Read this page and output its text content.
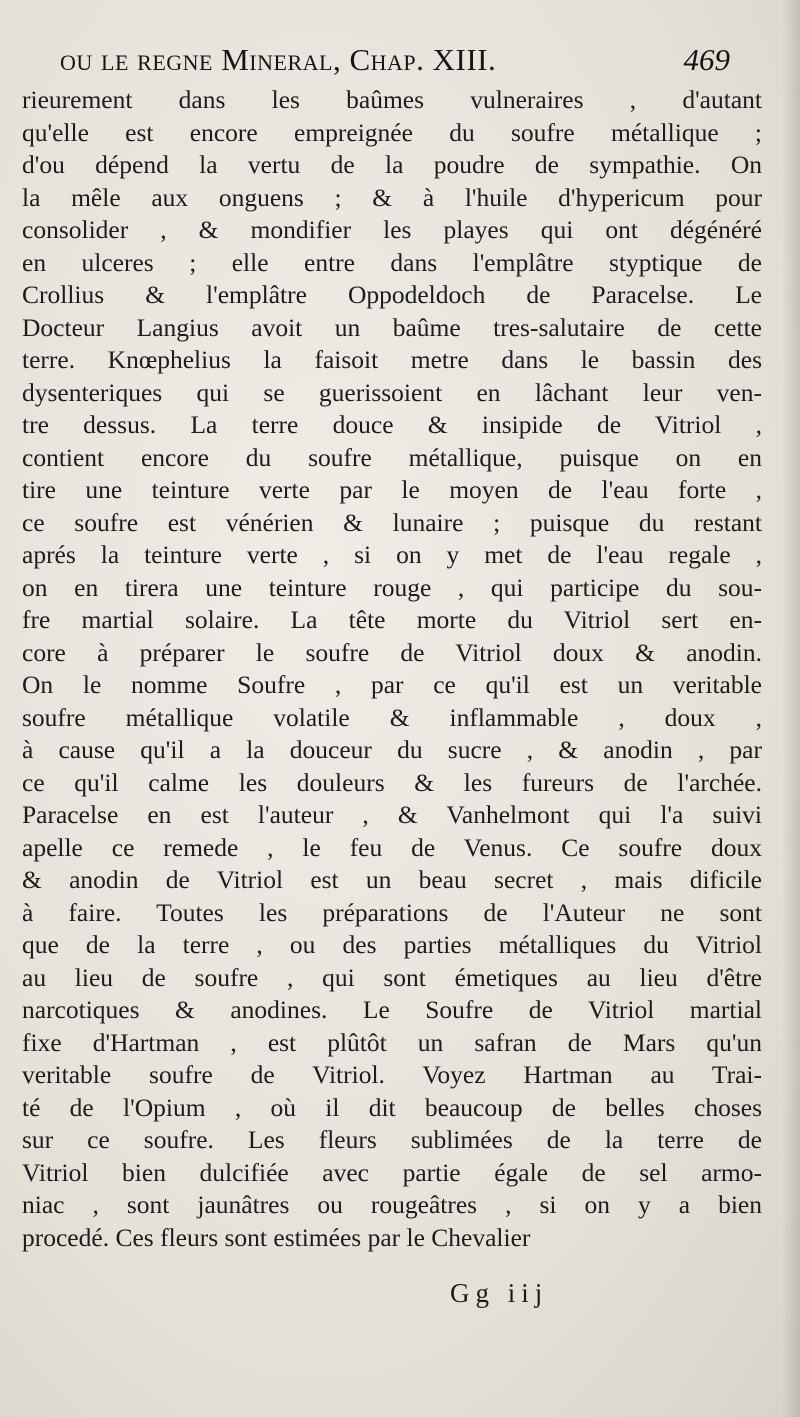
ou le regne Mineral, Chap. XIII.	469
rieurement dans les baûmes vulneraires , d'autant
qu'elle est encore empreignée du soufre métallique ;
d'ou dépend la vertu de la poudre de sympathie. On
la mêle aux onguens ; & à l'huile d'hypericum pour
consolider , & mondifier les playes qui ont dégénéré
en ulceres ; elle entre dans l'emplâtre styptique de
Crollius & l'emplâtre Oppodeldoch de Paracelse. Le
Docteur Langius avoit un baûme tres-salutaire de cette
terre. Knœphelius la faisoit metre dans le bassin des
dysenteriques qui se guerissoient en lâchant leur ven-
tre dessus. La terre douce & insipide de Vitriol ,
contient encore du soufre métallique, puisque on en
tire une teinture verte par le moyen de l'eau forte ,
ce soufre est vénérien & lunaire ; puisque du restant
aprés la teinture verte , si on y met de l'eau regale ,
on en tirera une teinture rouge , qui participe du sou-
fre martial solaire. La tête morte du Vitriol sert en-
core à préparer le soufre de Vitriol doux & anodin.
On le nomme Soufre , par ce qu'il est un veritable
soufre métallique volatile & inflammable , doux ,
à cause qu'il a la douceur du sucre , & anodin , par
ce qu'il calme les douleurs & les fureurs de l'archée.
Paracelse en est l'auteur , & Vanhelmont qui l'a suivi
apelle ce remede , le feu de Venus. Ce soufre doux
& anodin de Vitriol est un beau secret , mais dificile
à faire. Toutes les préparations de l'Auteur ne sont
que de la terre , ou des parties métalliques du Vitriol
au lieu de soufre , qui sont émetiques au lieu d'être
narcotiques & anodines. Le Soufre de Vitriol martial
fixe d'Hartman , est plûtôt un safran de Mars qu'un
veritable soufre de Vitriol. Voyez Hartman au Trai-
té de l'Opium , où il dit beaucoup de belles choses
sur ce soufre. Les fleurs sublimées de la terre de
Vitriol bien dulcifiée avec partie égale de sel armo-
niac , sont jaunâtres ou rougeâtres , si on y a bien
procedé. Ces fleurs sont estimées par le Chevalier
Gg iij
